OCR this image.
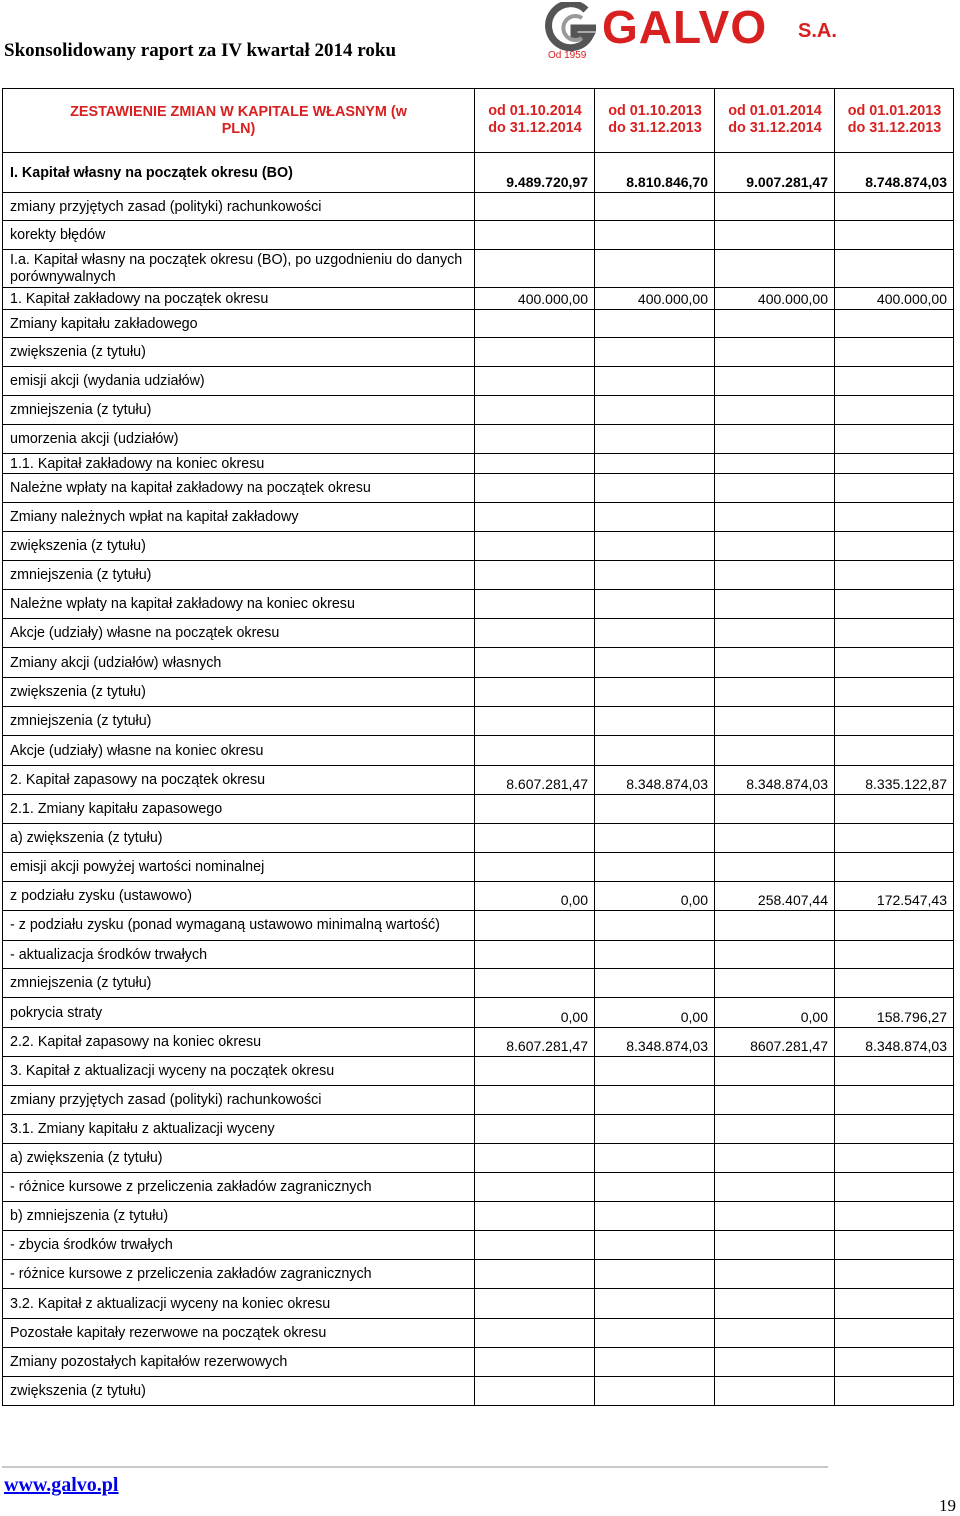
Skonsolidowany raport za IV kwartał 2014 roku	GALVO S.A.
Od 1959
ZESTAWIENIE ZMIAN W KAPITALE WŁASNYM (w PLN)	od 01.10.2014 do 31.12.2014	od 01.10.2013 do 31.12.2013	od 01.01.2014 do 31.12.2014	od 01.01.2013 do 31.12.2013
I. Kapitał własny na początek okresu (BO)	9.489.720,97	8.810.846,70	9.007.281,47	8.748.874,03
zmiany przyjętych zasad (polityki) rachunkowości				
korekty błędów				
I.a. Kapitał własny na początek okresu (BO), po uzgodnieniu do danych porównywalnych				
1. Kapitał zakładowy na początek okresu	400.000,00	400.000,00	400.000,00	400.000,00
Zmiany kapitału zakładowego				
zwiększenia (z tytułu)				
emisji akcji (wydania udziałów)				
zmniejszenia (z tytułu)				
umorzenia akcji (udziałów)				
1.1. Kapitał zakładowy na koniec okresu				
Należne wpłaty na kapitał zakładowy na początek okresu				
Zmiany należnych wpłat na kapitał zakładowy				
zwiększenia (z tytułu)				
zmniejszenia (z tytułu)				
Należne wpłaty na kapitał zakładowy na koniec okresu				
Akcje (udziały) własne na początek okresu				
Zmiany akcji (udziałów) własnych				
zwiększenia (z tytułu)				
zmniejszenia (z tytułu)				
Akcje (udziały) własne na koniec okresu				
2. Kapitał zapasowy na początek okresu	8.607.281,47	8.348.874,03	8.348.874,03	8.335.122,87
2.1. Zmiany kapitału zapasowego				
a) zwiększenia (z tytułu)				
emisji akcji powyżej wartości nominalnej				
z podziału zysku (ustawowo)	0,00	0,00	258.407,44	172.547,43
- z podziału zysku (ponad wymaganą ustawowo minimalną wartość)				
- aktualizacja środków trwałych				
zmniejszenia (z tytułu)				
pokrycia straty	0,00	0,00	0,00	158.796,27
2.2. Kapitał zapasowy na koniec okresu	8.607.281,47	8.348.874,03	8607.281,47	8.348.874,03
3. Kapitał z aktualizacji wyceny na początek okresu				
zmiany przyjętych zasad (polityki) rachunkowości				
3.1. Zmiany kapitału z aktualizacji wyceny				
a) zwiększenia (z tytułu)				
- różnice kursowe z przeliczenia zakładów zagranicznych				
b) zmniejszenia (z tytułu)				
- zbycia środków trwałych				
- różnice kursowe z przeliczenia zakładów zagranicznych				
3.2. Kapitał z aktualizacji wyceny na koniec okresu				
Pozostałe kapitały rezerwowe na początek okresu				
Zmiany pozostałych kapitałów rezerwowych				
zwiększenia (z tytułu)				
www.galvo.pl
19
